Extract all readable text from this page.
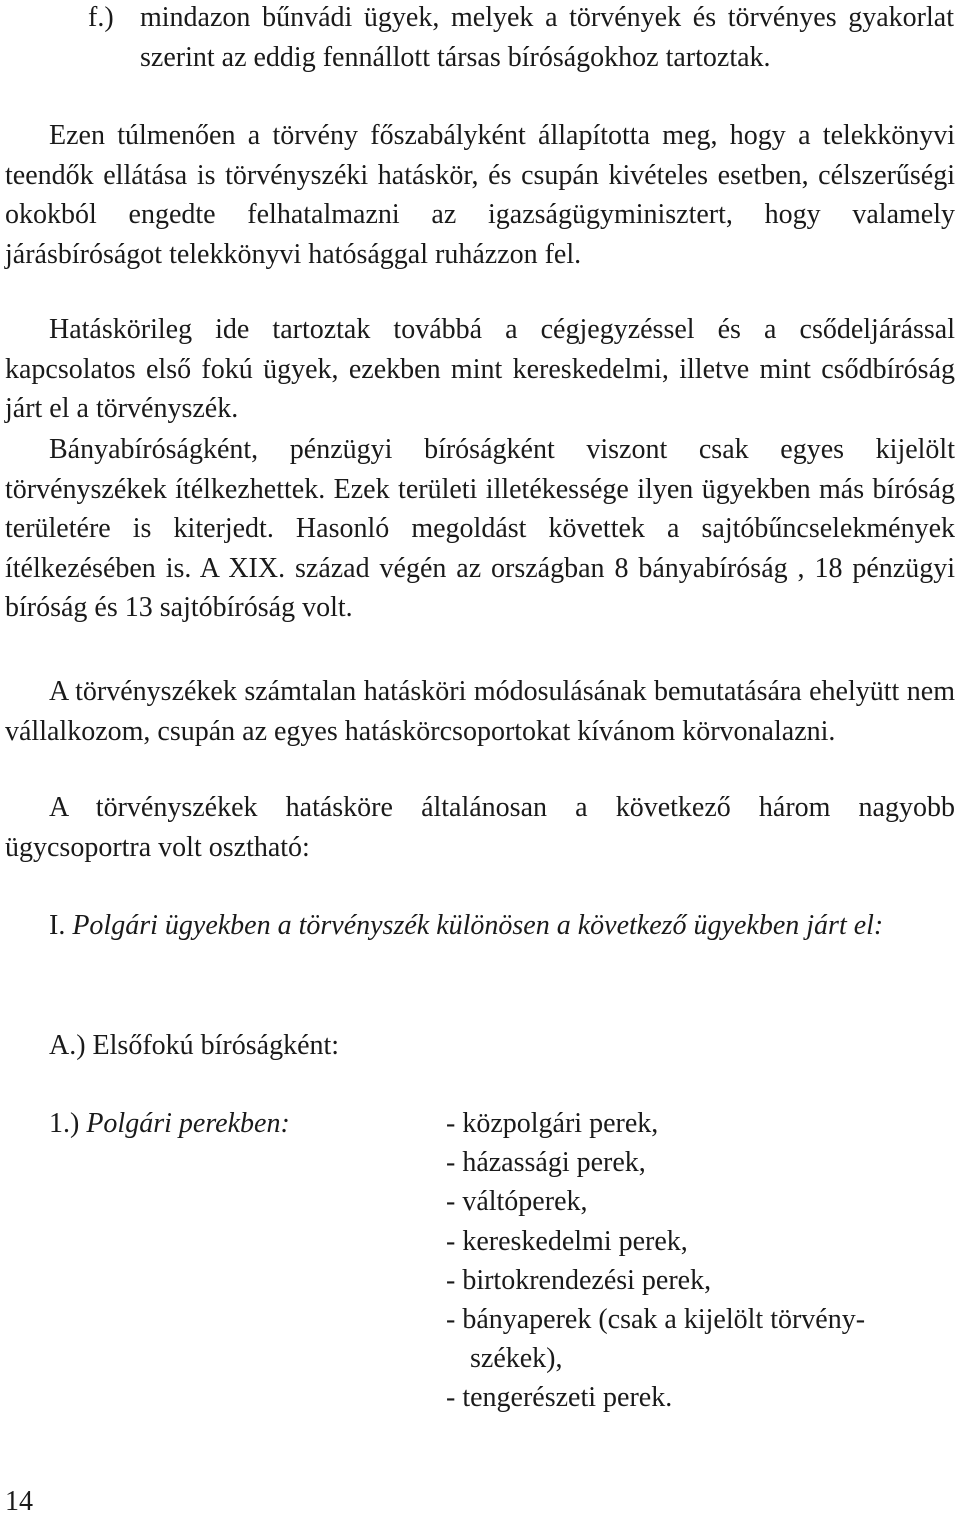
f.) mindazon bűnvádi ügyek, melyek a törvények és törvényes gyakorlat szerint az eddig fennállott társas bíróságokhoz tartoztak.

Ezen túlmenően a törvény főszabályként állapította meg, hogy a telekkönyvi teendők ellátása is törvényszéki hatáskör, és csupán kivételes esetben, célszerűségi okokból engedte felhatalmazni az igazságügyminisztert, hogy valamely járásbíróságot telekkönyvi hatósággal ruházzon fel.

Hatáskörileg ide tartoztak továbbá a cégjegyzéssel és a csődeljárással kapcsolatos első fokú ügyek, ezekben mint kereskedelmi, illetve mint csődbíróság járt el a törvényszék.

Bányabíróságként, pénzügyi bíróságként viszont csak egyes kijelölt törvényszékek ítélkezhettek. Ezek területi illetékessége ilyen ügyekben más bíróság területére is kiterjedt. Hasonló megoldást követtek a sajtóbűncselekmények ítélkezésében is. A XIX. század végén az országban 8 bányabíróság , 18 pénzügyi bíróság és 13 sajtóbíróság volt.

A törvényszékek számtalan hatásköri módosulásának bemutatására ehelyütt nem vállalkozom, csupán az egyes hatáskörcsoportokat kívánom körvonalazni.

A törvényszékek hatásköre általánosan a következő három nagyobb ügycsoportra volt osztható:

I. Polgári ügyekben a törvényszék különösen a következő ügyekben járt el:

A.) Elsőfokú bíróságként:

1.) Polgári perekben:	- közpolgári perek,
- házassági perek,
- váltóperek,
- kereskedelmi perek,
- birtokrendezési perek,
- bányaperek (csak a kijelölt törvény-
székek),
- tengerészeti perek.
14
